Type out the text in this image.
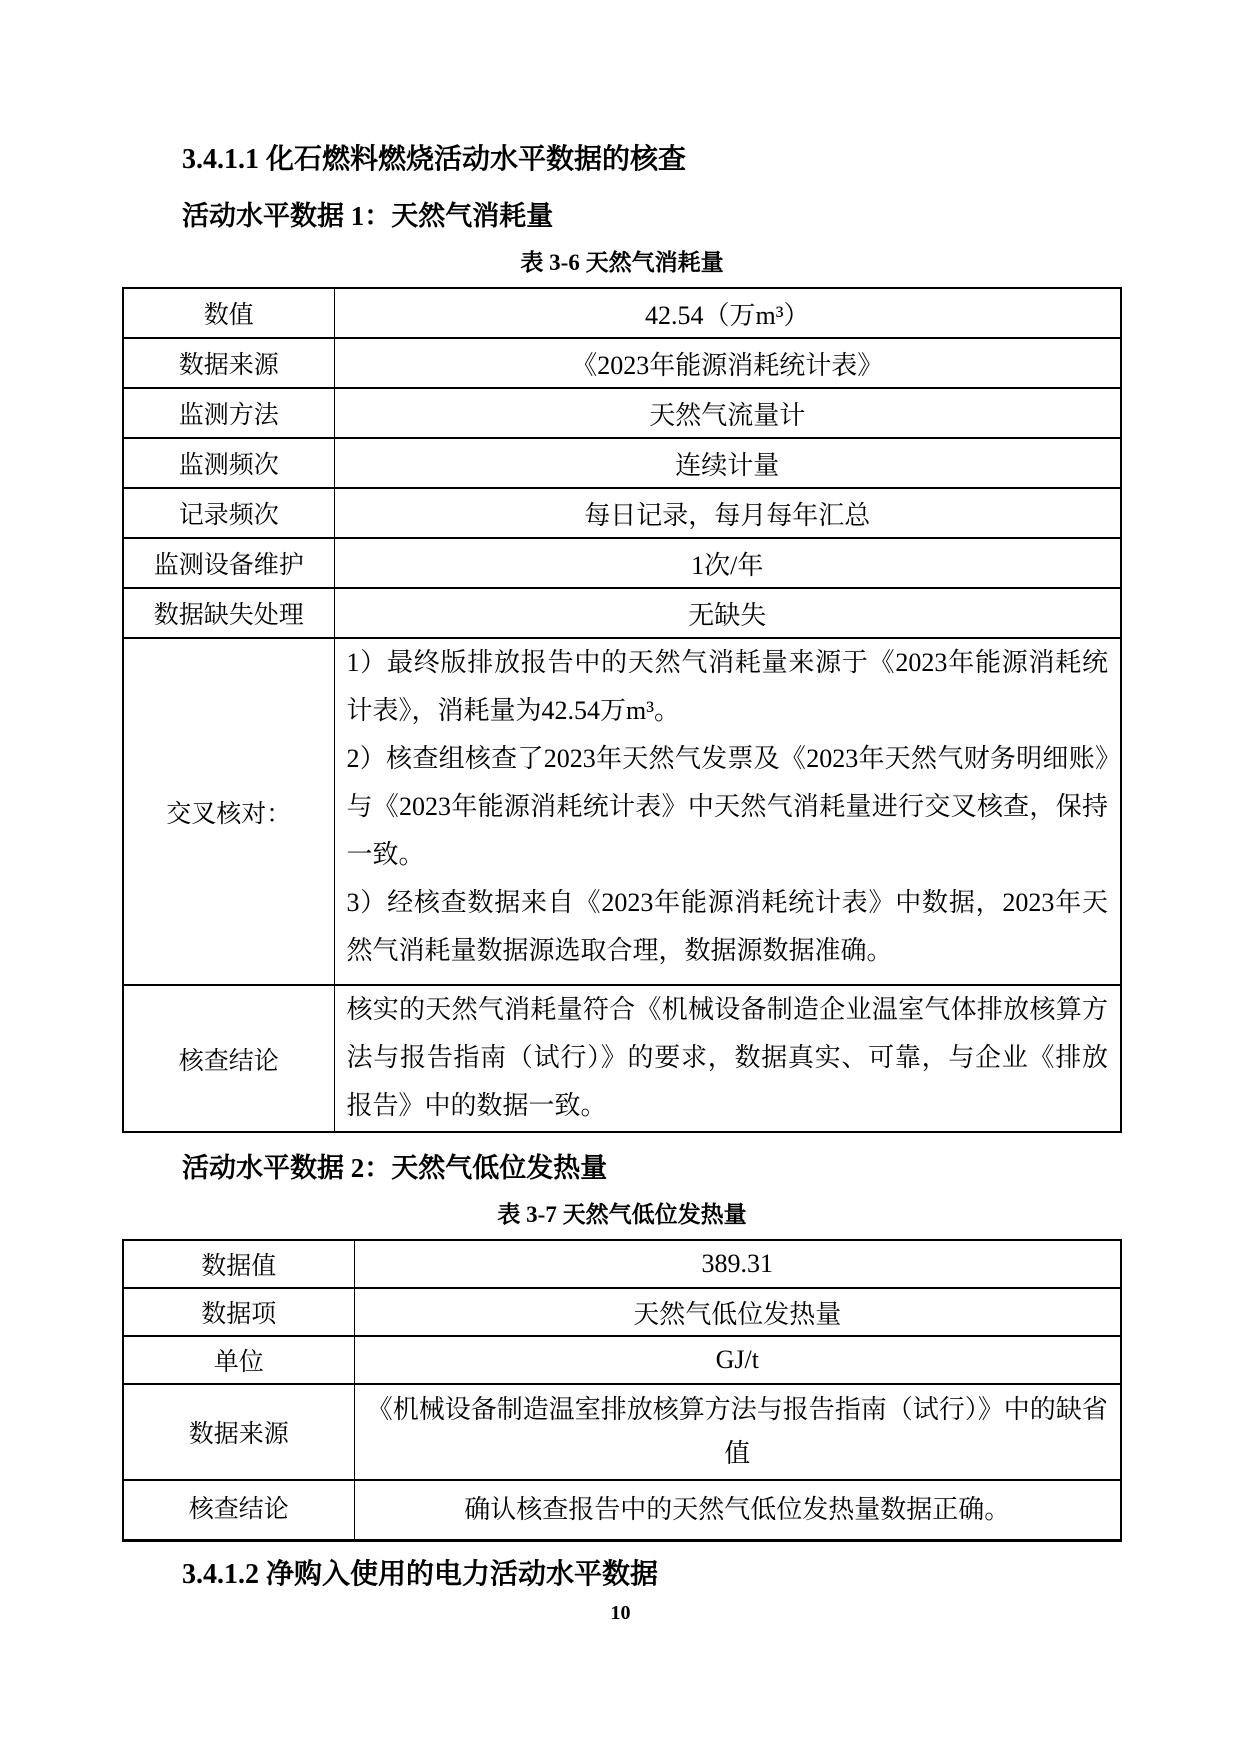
3.4.1.1 化石燃料燃烧活动水平数据的核查
活动水平数据 1：天然气消耗量
表 3-6 天然气消耗量
数值	42.54（万m³）
数据来源	《2023年能源消耗统计表》
监测方法	天然气流量计
监测频次	连续计量
记录频次	每日记录，每月每年汇总
监测设备维护	1次/年
数据缺失处理	无缺失
交叉核对：	1）最终版排放报告中的天然气消耗量来源于《2023年能源消耗统计表》，消耗量为42.54万m³。

2）核查组核查了2023年天然气发票及《2023年天然气财务明细账》与《2023年能源消耗统计表》中天然气消耗量进行交叉核查，保持一致。

3）经核查数据来自《2023年能源消耗统计表》中数据，2023年天然气消耗量数据源选取合理，数据源数据准确。

核查结论	核实的天然气消耗量符合《机械设备制造企业温室气体排放核算方法与报告指南（试行）》的要求，数据真实、可靠，与企业《排放报告》中的数据一致。
活动水平数据 2：天然气低位发热量
表 3-7 天然气低位发热量
数据值	389.31
数据项	天然气低位发热量
单位	GJ/t
数据来源	《机械设备制造温室排放核算方法与报告指南（试行）》中的缺省值
核查结论	确认核查报告中的天然气低位发热量数据正确。
3.4.1.2 净购入使用的电力活动水平数据
10
